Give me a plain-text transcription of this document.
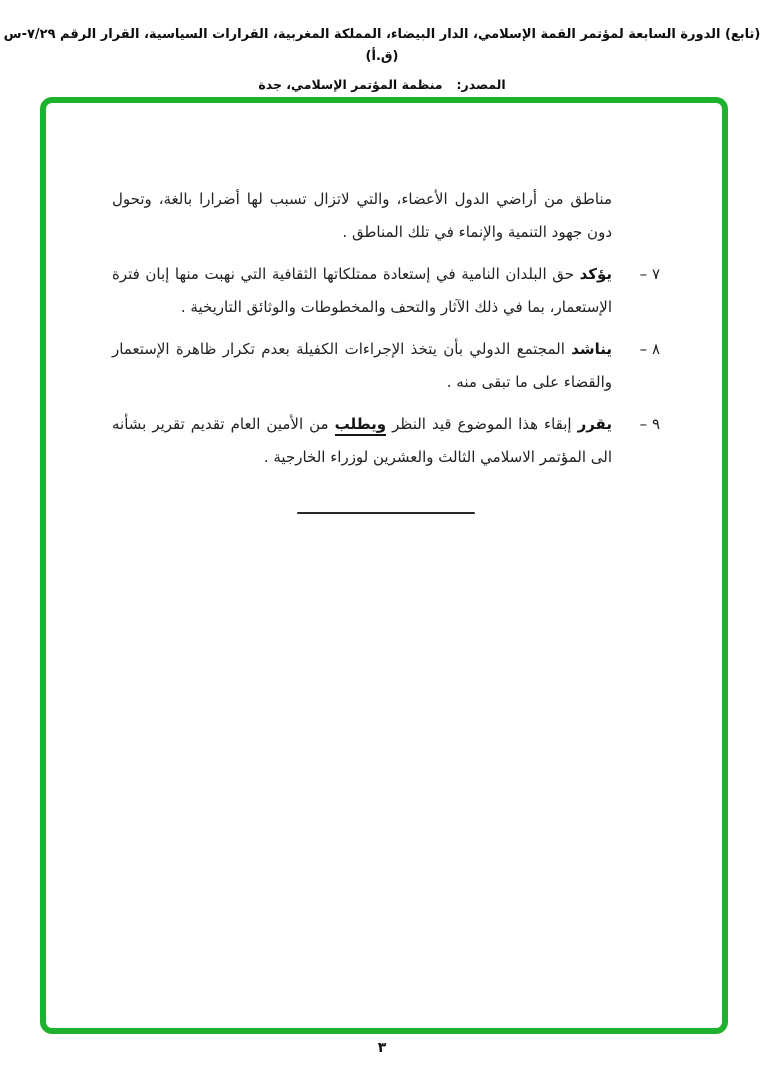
(تابع) الدورة السابعة لمؤتمر القمة الإسلامي، الدار البيضاء، المملكة المغربية، القرارات السياسية، القرار الرقم ٧/٢٩-س (ق.أ)
المصدر:منظمة المؤتمر الإسلامي، جدة

مناطق من أراضي الدول الأعضاء، والتي لاتزال تسبب لها أضرارا بالغة، وتحول دون جهود التنمية والإنماء في تلك المناطق .

٧ –
يؤكد حق البلدان النامية في إستعادة ممتلكاتها الثقافية التي نهبت منها إبان فترة الإستعمار، بما في ذلك الآثار والتحف والمخطوطات والوثائق التاريخية .
٨ –
يناشد المجتمع الدولي بأن يتخذ الإجراءات الكفيلة بعدم تكرار ظاهرة الإستعمار والقضاء على ما تبقى منه .
٩ –
يقرر إبقاء هذا الموضوع قيد النظر ويطلب من الأمين العام تقديم تقرير بشأنه الى المؤتمر الاسلامي الثالث والعشرين لوزراء الخارجية .
٣
